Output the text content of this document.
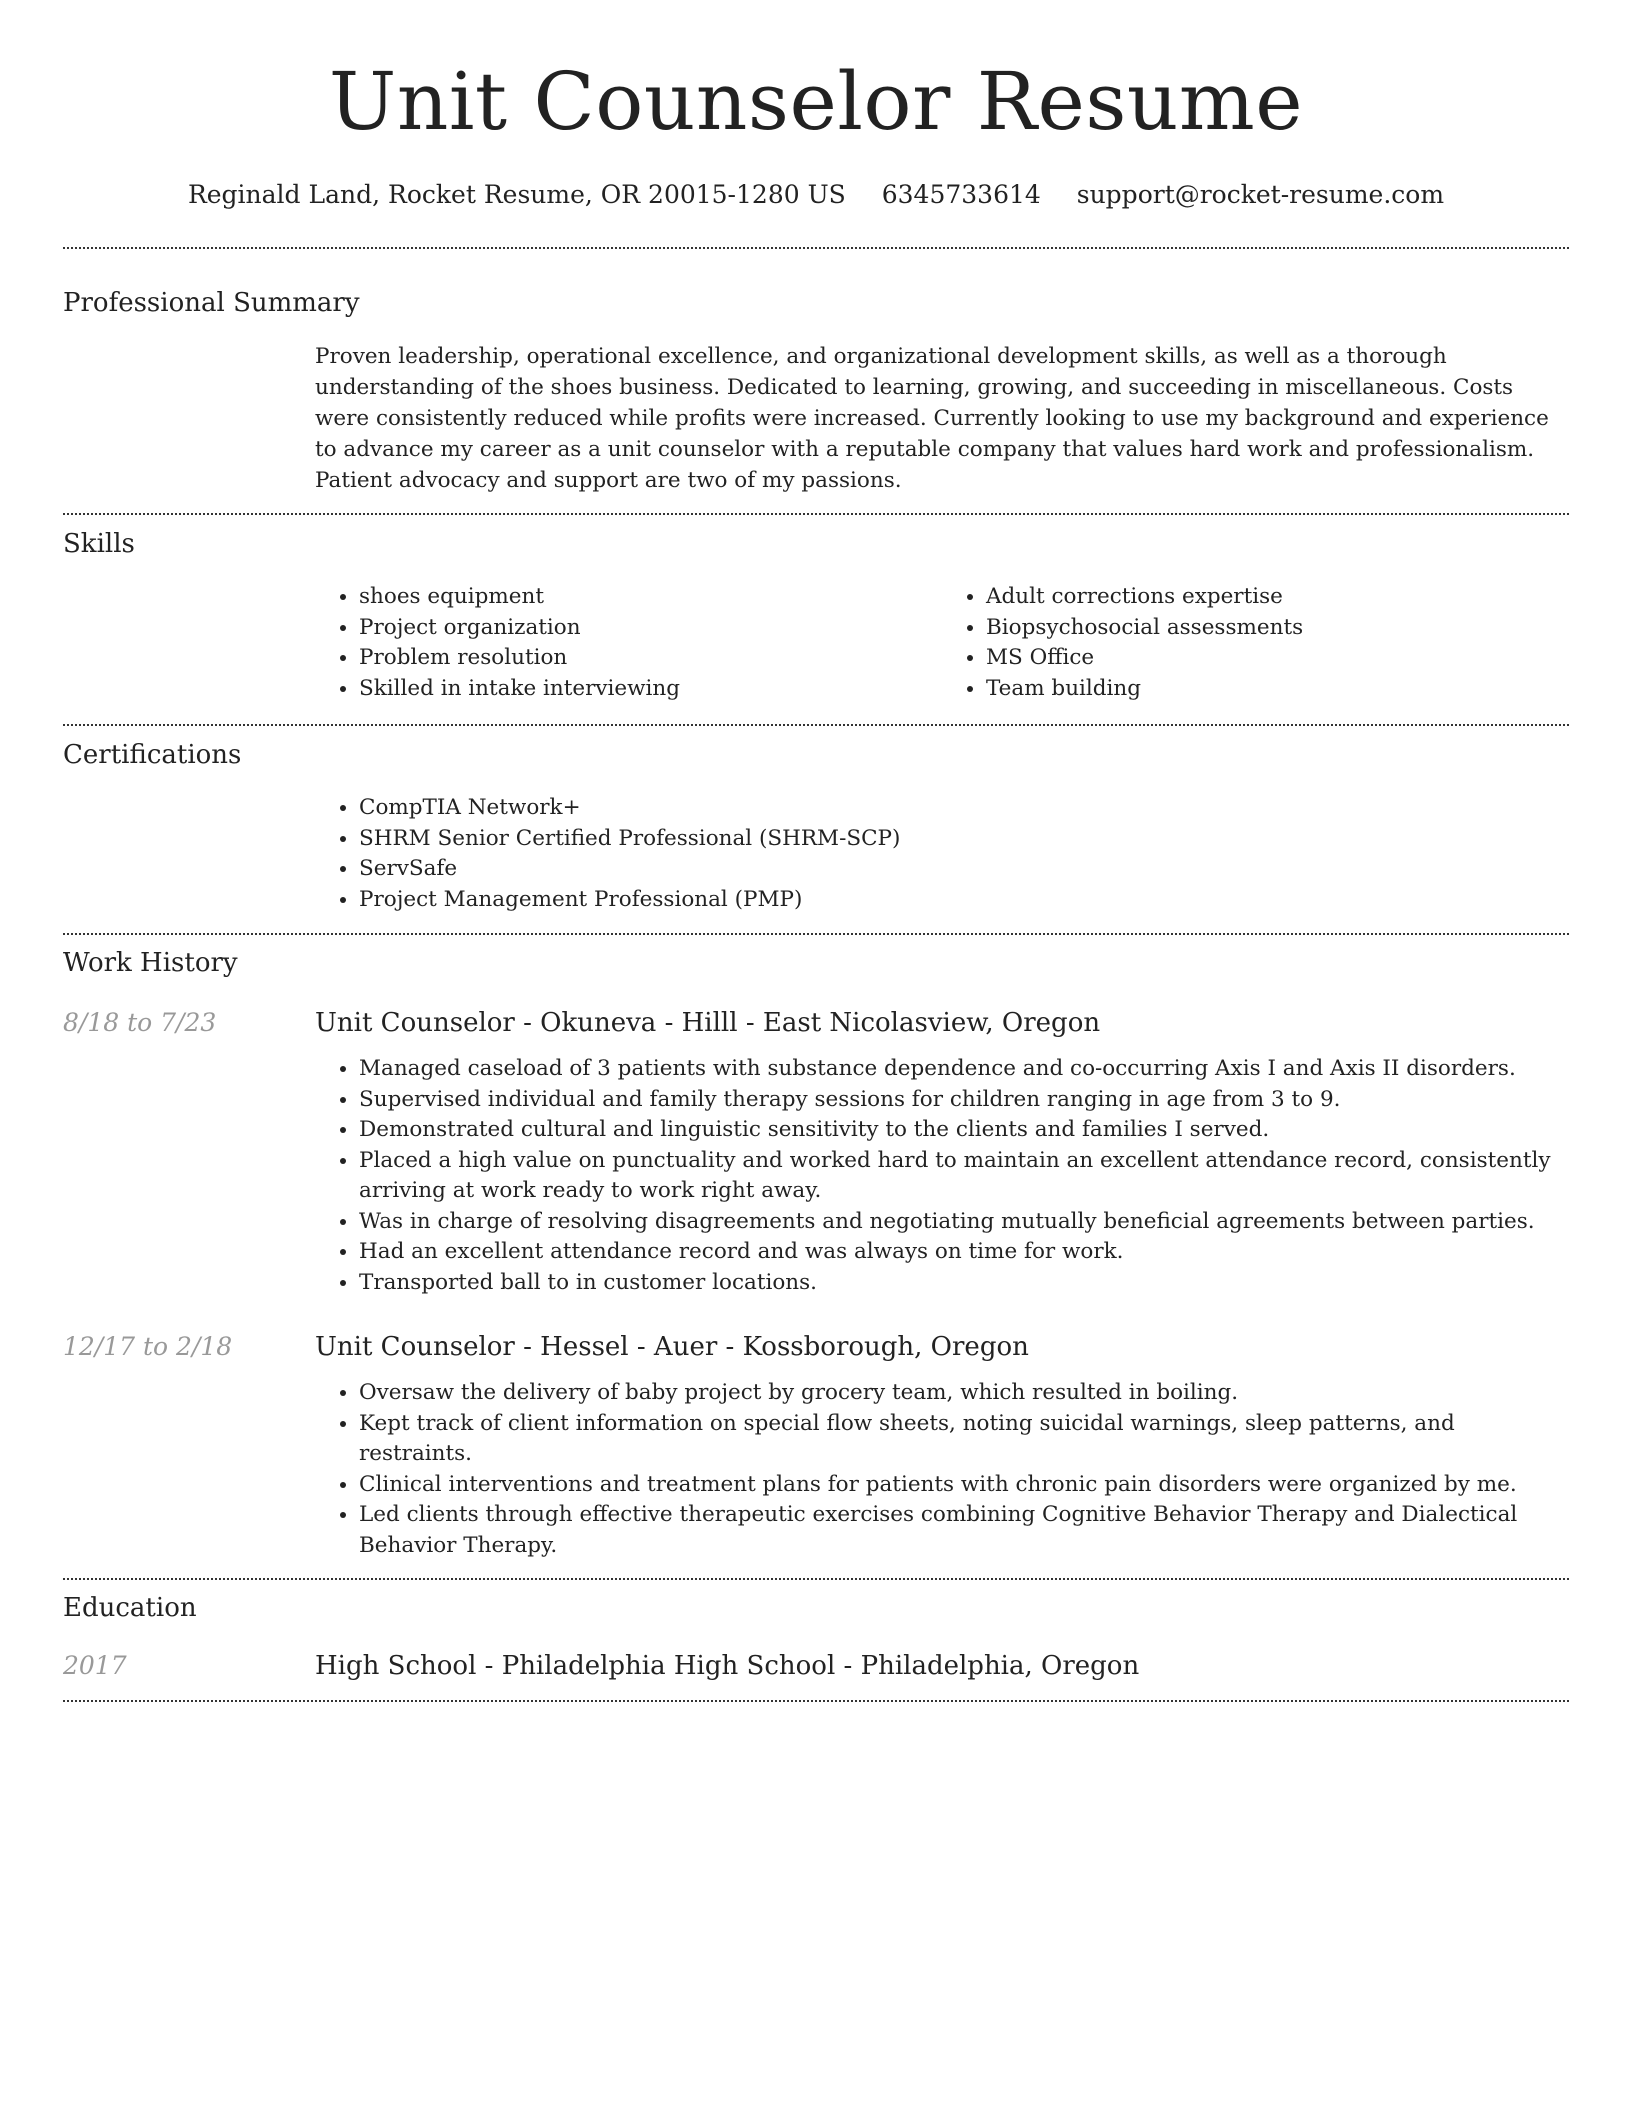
Unit Counselor Resume
Reginald Land, Rocket Resume, OR 20015-1280 US 6345733614 support@rocket-resume.com
Professional Summary
Proven leadership, operational excellence, and organizational development skills, as well as a thorough understanding of the shoes business. Dedicated to learning, growing, and succeeding in miscellaneous. Costs were consistently reduced while profits were increased. Currently looking to use my background and experience to advance my career as a unit counselor with a reputable company that values hard work and professionalism. Patient advocacy and support are two of my passions.
Skills
• shoes equipment
• Project organization
• Problem resolution
• Skilled in intake interviewing
• Adult corrections expertise
• Biopsychosocial assessments
• MS Office
• Team building
Certifications
• CompTIA Network+
• SHRM Senior Certified Professional (SHRM-SCP)
• ServSafe
• Project Management Professional (PMP)
Work History
8/18 to 7/23	Unit Counselor - Okuneva - Hilll - East Nicolasview, Oregon
• Managed caseload of 3 patients with substance dependence and co-occurring Axis I and Axis II disorders.
• Supervised individual and family therapy sessions for children ranging in age from 3 to 9.
• Demonstrated cultural and linguistic sensitivity to the clients and families I served.
• Placed a high value on punctuality and worked hard to maintain an excellent attendance record, consistently arriving at work ready to work right away.
• Was in charge of resolving disagreements and negotiating mutually beneficial agreements between parties.
• Had an excellent attendance record and was always on time for work.
• Transported ball to in customer locations.
12/17 to 2/18	Unit Counselor - Hessel - Auer - Kossborough, Oregon
• Oversaw the delivery of baby project by grocery team, which resulted in boiling.
• Kept track of client information on special flow sheets, noting suicidal warnings, sleep patterns, and restraints.
• Clinical interventions and treatment plans for patients with chronic pain disorders were organized by me.
• Led clients through effective therapeutic exercises combining Cognitive Behavior Therapy and Dialectical Behavior Therapy.
Education
2017	High School - Philadelphia High School - Philadelphia, Oregon
